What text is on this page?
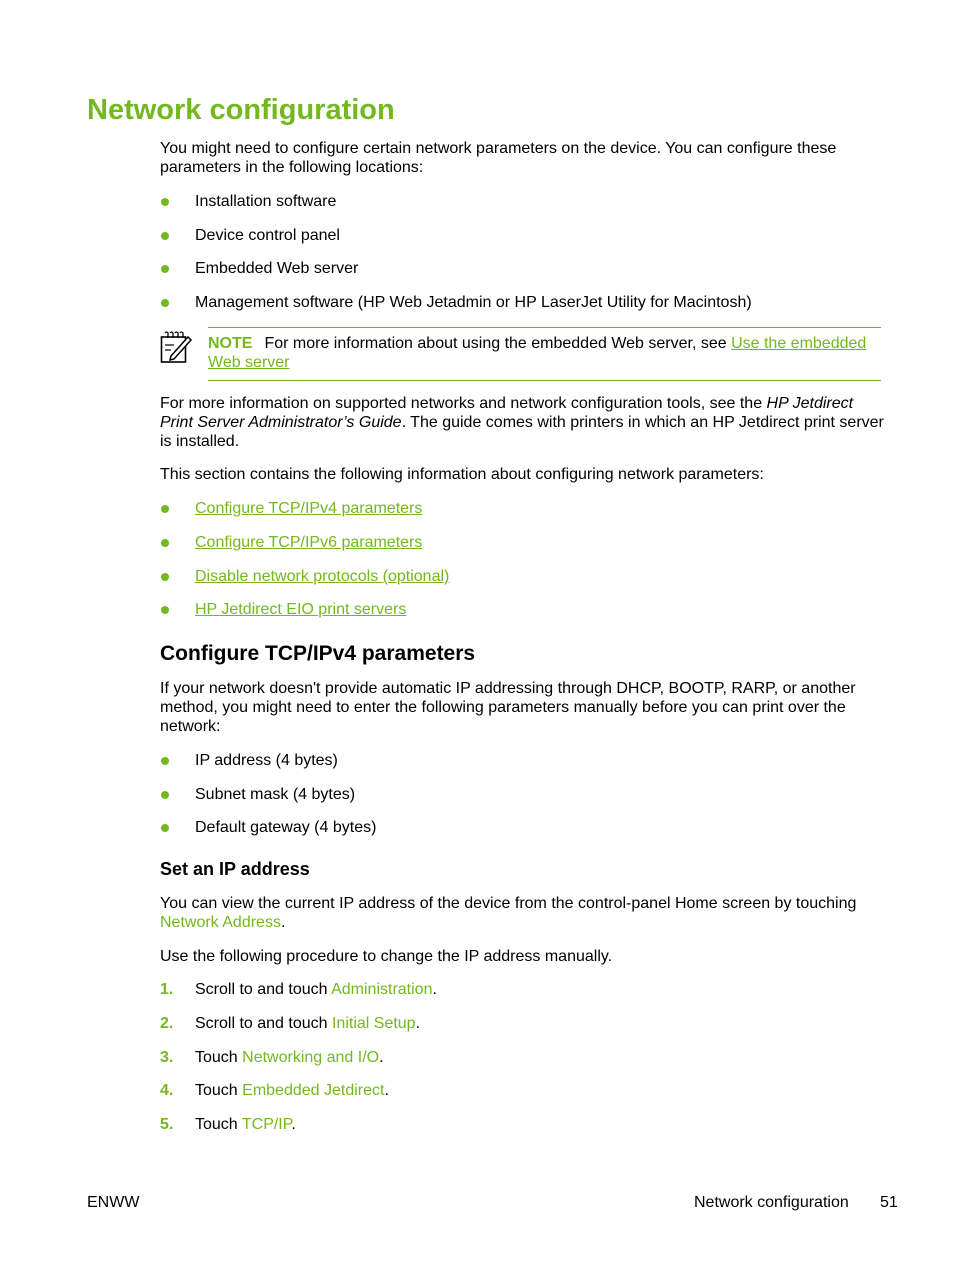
Network configuration

You might need to configure certain network parameters on the device. You can configure these parameters in the following locations:

Installation software
Device control panel
Embedded Web server
Management software (HP Web Jetadmin or HP LaserJet Utility for Macintosh)
NOTE For more information about using the embedded Web server, see Use the embedded Web server

For more information on supported networks and network configuration tools, see the HP Jetdirect Print Server Administrator’s Guide. The guide comes with printers in which an HP Jetdirect print server is installed.

This section contains the following information about configuring network parameters:

Configure TCP/IPv4 parameters
Configure TCP/IPv6 parameters
Disable network protocols (optional)
HP Jetdirect EIO print servers
Configure TCP/IPv4 parameters

If your network doesn't provide automatic IP addressing through DHCP, BOOTP, RARP, or another method, you might need to enter the following parameters manually before you can print over the network:

IP address (4 bytes)
Subnet mask (4 bytes)
Default gateway (4 bytes)
Set an IP address

You can view the current IP address of the device from the control-panel Home screen by touching Network Address.

Use the following procedure to change the IP address manually.

1. Scroll to and touch Administration.
2. Scroll to and touch Initial Setup.
3. Touch Networking and I/O.
4. Touch Embedded Jetdirect.
5. Touch TCP/IP.
ENWW	Network configuration 51
